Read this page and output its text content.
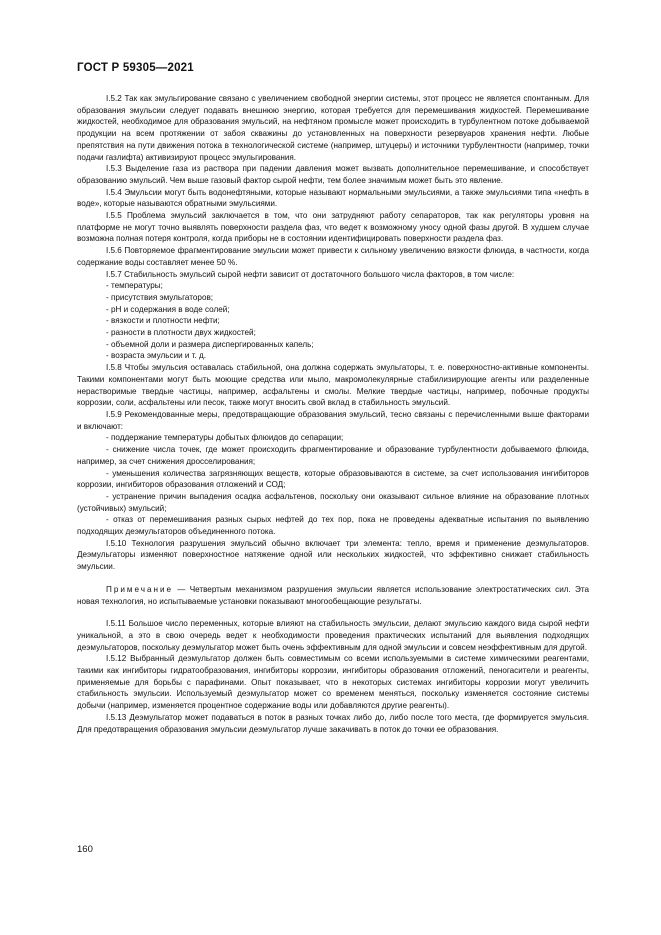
ГОСТ Р 59305—2021

I.5.2 Так как эмульгирование связано с увеличением свободной энергии системы, этот процесс не является спонтанным. Для образования эмульсии следует подавать внешнюю энергию, которая требуется для перемешивания жидкостей. Перемешивание жидкостей, необходимое для образования эмульсий, на нефтяном промысле может происходить в турбулентном потоке добываемой продукции на всем протяжении от забоя скважины до установленных на поверхности резервуаров хранения нефти. Любые препятствия на пути движения потока в технологической системе (например, штуцеры) и источники турбулентности (например, точки подачи газлифта) активизируют процесс эмульгирования.

I.5.3 Выделение газа из раствора при падении давления может вызвать дополнительное перемешивание, и способствует образованию эмульсий. Чем выше газовый фактор сырой нефти, тем более значимым может быть это явление.

I.5.4 Эмульсии могут быть водонефтяными, которые называют нормальными эмульсиями, а также эмульсиями типа «нефть в воде», которые называются обратными эмульсиями.

I.5.5 Проблема эмульсий заключается в том, что они затрудняют работу сепараторов, так как регуляторы уровня на платформе не могут точно выявлять поверхности раздела фаз, что ведет к возможному уносу одной фазы другой. В худшем случае возможна полная потеря контроля, когда приборы не в состоянии идентифицировать поверхности раздела фаз.

I.5.6 Повторяемое фрагментирование эмульсии может привести к сильному увеличению вязкости флюида, в частности, когда содержание воды составляет менее 50 %.

I.5.7 Стабильность эмульсий сырой нефти зависит от достаточного большого числа факторов, в том числе:

- температуры;

- присутствия эмульгаторов;

- pH и содержания в воде солей;

- вязкости и плотности нефти;

- разности в плотности двух жидкостей;

- объемной доли и размера диспергированных капель;

- возраста эмульсии и т. д.

I.5.8 Чтобы эмульсия оставалась стабильной, она должна содержать эмульгаторы, т. е. поверхностно-активные компоненты. Такими компонентами могут быть моющие средства или мыло, макромолекулярные стабилизирующие агенты или разделенные нерастворимые твердые частицы, например, асфальтены и смолы. Мелкие твердые частицы, например, побочные продукты коррозии, соли, асфальтены или песок, также могут вносить свой вклад в стабильность эмульсий.

I.5.9 Рекомендованные меры, предотвращающие образования эмульсий, тесно связаны с перечисленными выше факторами и включают:

- поддержание температуры добытых флюидов до сепарации;

- снижение числа точек, где может происходить фрагментирование и образование турбулентности добываемого флюида, например, за счет снижения дросселирования;

- уменьшения количества загрязняющих веществ, которые образовываются в системе, за счет использования ингибиторов коррозии, ингибиторов образования отложений и СОД;

- устранение причин выпадения осадка асфальтенов, поскольку они оказывают сильное влияние на образование плотных (устойчивых) эмульсий;

- отказ от перемешивания разных сырых нефтей до тех пор, пока не проведены адекватные испытания по выявлению подходящих деэмульгаторов объединенного потока.

I.5.10 Технология разрушения эмульсий обычно включает три элемента: тепло, время и применение деэмульгаторов. Деэмульгаторы изменяют поверхностное натяжение одной или нескольких жидкостей, что эффективно снижает стабильность эмульсии.

Примечание — Четвертым механизмом разрушения эмульсии является использование электростатических сил. Эта новая технология, но испытываемые установки показывают многообещающие результаты.

I.5.11 Большое число переменных, которые влияют на стабильность эмульсии, делают эмульсию каждого вида сырой нефти уникальной, а это в свою очередь ведет к необходимости проведения практических испытаний для выявления подходящих деэмульгаторов, поскольку деэмульгатор может быть очень эффективным для одной эмульсии и совсем неэффективным для другой.

I.5.12 Выбранный деэмульгатор должен быть совместимым со всеми используемыми в системе химическими реагентами, такими как ингибиторы гидратообразования, ингибиторы коррозии, ингибиторы образования отложений, пеногасители и реагенты, применяемые для борьбы с парафинами. Опыт показывает, что в некоторых системах ингибиторы коррозии могут увеличить стабильность эмульсии. Используемый деэмульгатор может со временем меняться, поскольку изменяется состояние системы добычи (например, изменяется процентное содержание воды или добавляются другие реагенты).

I.5.13 Деэмульгатор может подаваться в поток в разных точках либо до, либо после того места, где формируется эмульсия. Для предотвращения образования эмульсии деэмульгатор лучше закачивать в поток до точки ее образования.

160
